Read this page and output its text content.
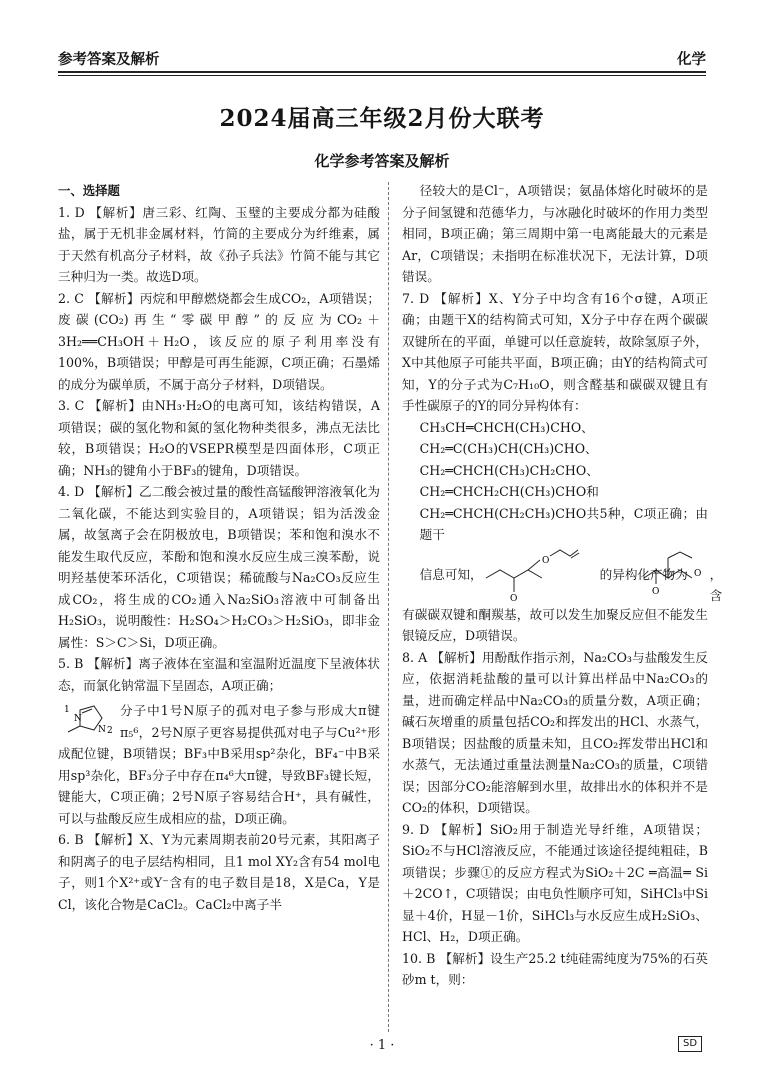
参考答案及解析	化学
2024届高三年级2月份大联考
化学参考答案及解析

一、选择题

1. D 【解析】唐三彩、红陶、玉璧的主要成分都为硅酸盐，属于无机非金属材料，竹简的主要成分为纤维素，属于天然有机高分子材料，故《孙子兵法》竹简不能与其它三种归为一类。故选D项。

2. C 【解析】丙烷和甲醇燃烧都会生成CO₂，A项错误；废碳(CO₂)再生“零碳甲醇”的反应为CO₂＋3H₂══CH₃OH＋H₂O，该反应的原子利用率没有100%，B项错误；甲醇是可再生能源，C项正确；石墨烯的成分为碳单质，不属于高分子材料，D项错误。

3. C 【解析】由NH₃·H₂O的电离可知，该结构错误，A项错误；碳的氢化物和氮的氢化物种类很多，沸点无法比较，B项错误；H₂O的VSEPR模型是四面体形，C项正确；NH₃的键角小于BF₃的键角，D项错误。

4. D 【解析】乙二酸会被过量的酸性高锰酸钾溶液氧化为二氧化碳，不能达到实验目的，A项错误；铝为活泼金属，故氢离子会在阴极放电，B项错误；苯和饱和溴水不能发生取代反应，苯酚和饱和溴水反应生成三溴苯酚，说明羟基使苯环活化，C项错误；稀硫酸与Na₂CO₃反应生成CO₂，将生成的CO₂通入Na₂SiO₃溶液中可制备出H₂SiO₃，说明酸性：H₂SO₄＞H₂CO₃＞H₂SiO₃，即非金属性：S＞C＞Si，D项正确。

5. B 【解析】离子液体在室温和室温附近温度下呈液体状态，而氯化钠常温下呈固态，A项正确；

1
N
N 2
分子中1号N原子的孤对电子参与形成大π键π₅⁶，2号N原子更容易提供孤对电子与Cu²⁺形成配位键，B项错误；BF₃中B采用sp²杂化，BF₄⁻中B采用sp³杂化，BF₃分子中存在π₄⁶大π键，导致BF₃键长短，键能大，C项正确；2号N原子容易结合H⁺，具有碱性，可以与盐酸反应生成相应的盐，D项正确。

6. B 【解析】X、Y为元素周期表前20号元素，其阳离子和阴离子的电子层结构相同，且1 mol XY₂含有54 mol电子，则1个X²⁺或Y⁻含有的电子数目是18，X是Ca，Y是Cl，该化合物是CaCl₂。CaCl₂中离子半

径较大的是Cl⁻，A项错误；氨晶体熔化时破坏的是分子间氢键和范德华力，与冰融化时破坏的作用力类型相同，B项正确；第三周期中第一电离能最大的元素是Ar，C项错误；未指明在标准状况下，无法计算，D项错误。

7. D 【解析】X、Y分子中均含有16个σ键，A项正确；由题干X的结构简式可知，X分子中存在两个碳碳双键所在的平面，单键可以任意旋转，故除氢原子外，X中其他原子可能共平面，B项正确；由Y的结构简式可知，Y的分子式为C₇H₁₀O，则含醛基和碳碳双键且有手性碳原子的Y的同分异构体有：

CH₃CH═CHCH(CH₃)CHO、

CH₂═C(CH₃)CH(CH₃)CHO、

CH₂═CHCH(CH₃)CH₂CHO、

CH₂═CHCH₂CH(CH₃)CHO和

CH₂═CHCH(CH₂CH₃)CHO共5种，C项正确；由题干

信息可知，
O
O
的异构化产物为
O
O ，含

有碳碳双键和酮羰基，故可以发生加聚反应但不能发生银镜反应，D项错误。

8. A 【解析】用酚酞作指示剂，Na₂CO₃与盐酸发生反应，依据消耗盐酸的量可以计算出样品中Na₂CO₃的量，进而确定样品中Na₂CO₃的质量分数，A项正确；碱石灰增重的质量包括CO₂和挥发出的HCl、水蒸气，B项错误；因盐酸的质量未知，且CO₂挥发带出HCl和水蒸气，无法通过重量法测量Na₂CO₃的质量，C项错误；因部分CO₂能溶解到水里，故排出水的体积并不是CO₂的体积，D项错误。

9. D 【解析】SiO₂用于制造光导纤维，A项错误；SiO₂不与HCl溶液反应，不能通过该途径提纯粗硅，B项错误；步骤①的反应方程式为SiO₂＋2C ═高温═ Si＋2CO↑，C项错误；由电负性顺序可知，SiHCl₃中Si显＋4价，H显－1价，SiHCl₃与水反应生成H₂SiO₃、HCl、H₂，D项正确。

10. B 【解析】设生产25.2 t纯硅需纯度为75%的石英砂m t，则：

· 1 ·	SD
